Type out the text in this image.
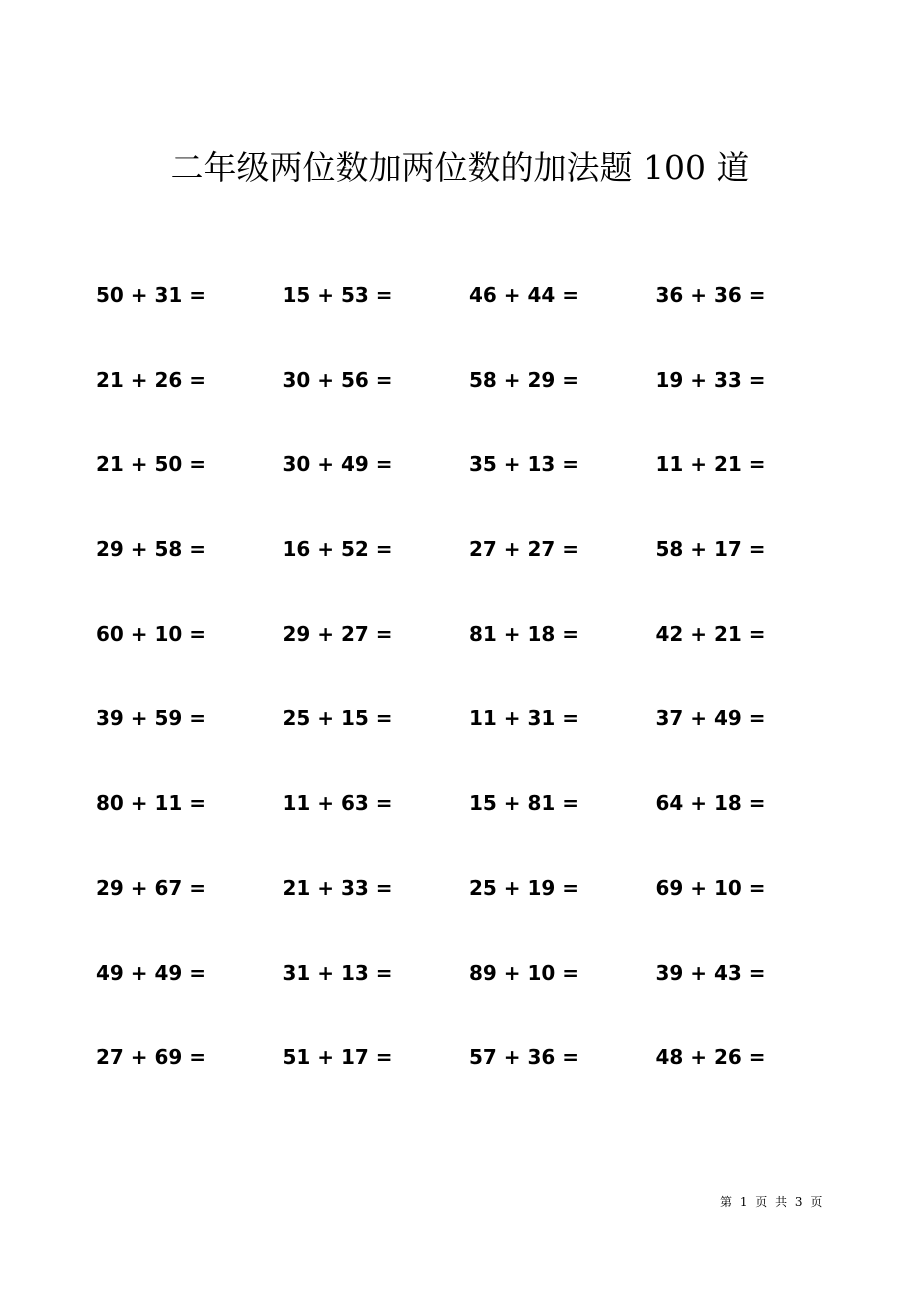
二年级两位数加两位数的加法题 100 道
50 + 31 =	15 + 53 =	46 + 44 =	36 + 36 =
21 + 26 =	30 + 56 =	58 + 29 =	19 + 33 =
21 + 50 =	30 + 49 =	35 + 13 =	11 + 21 =
29 + 58 =	16 + 52 =	27 + 27 =	58 + 17 =
60 + 10 =	29 + 27 =	81 + 18 =	42 + 21 =
39 + 59 =	25 + 15 =	11 + 31 =	37 + 49 =
80 + 11 =	11 + 63 =	15 + 81 =	64 + 18 =
29 + 67 =	21 + 33 =	25 + 19 =	69 + 10 =
49 + 49 =	31 + 13 =	89 + 10 =	39 + 43 =
27 + 69 =	51 + 17 =	57 + 36 =	48 + 26 =
第 1 页 共 3 页
